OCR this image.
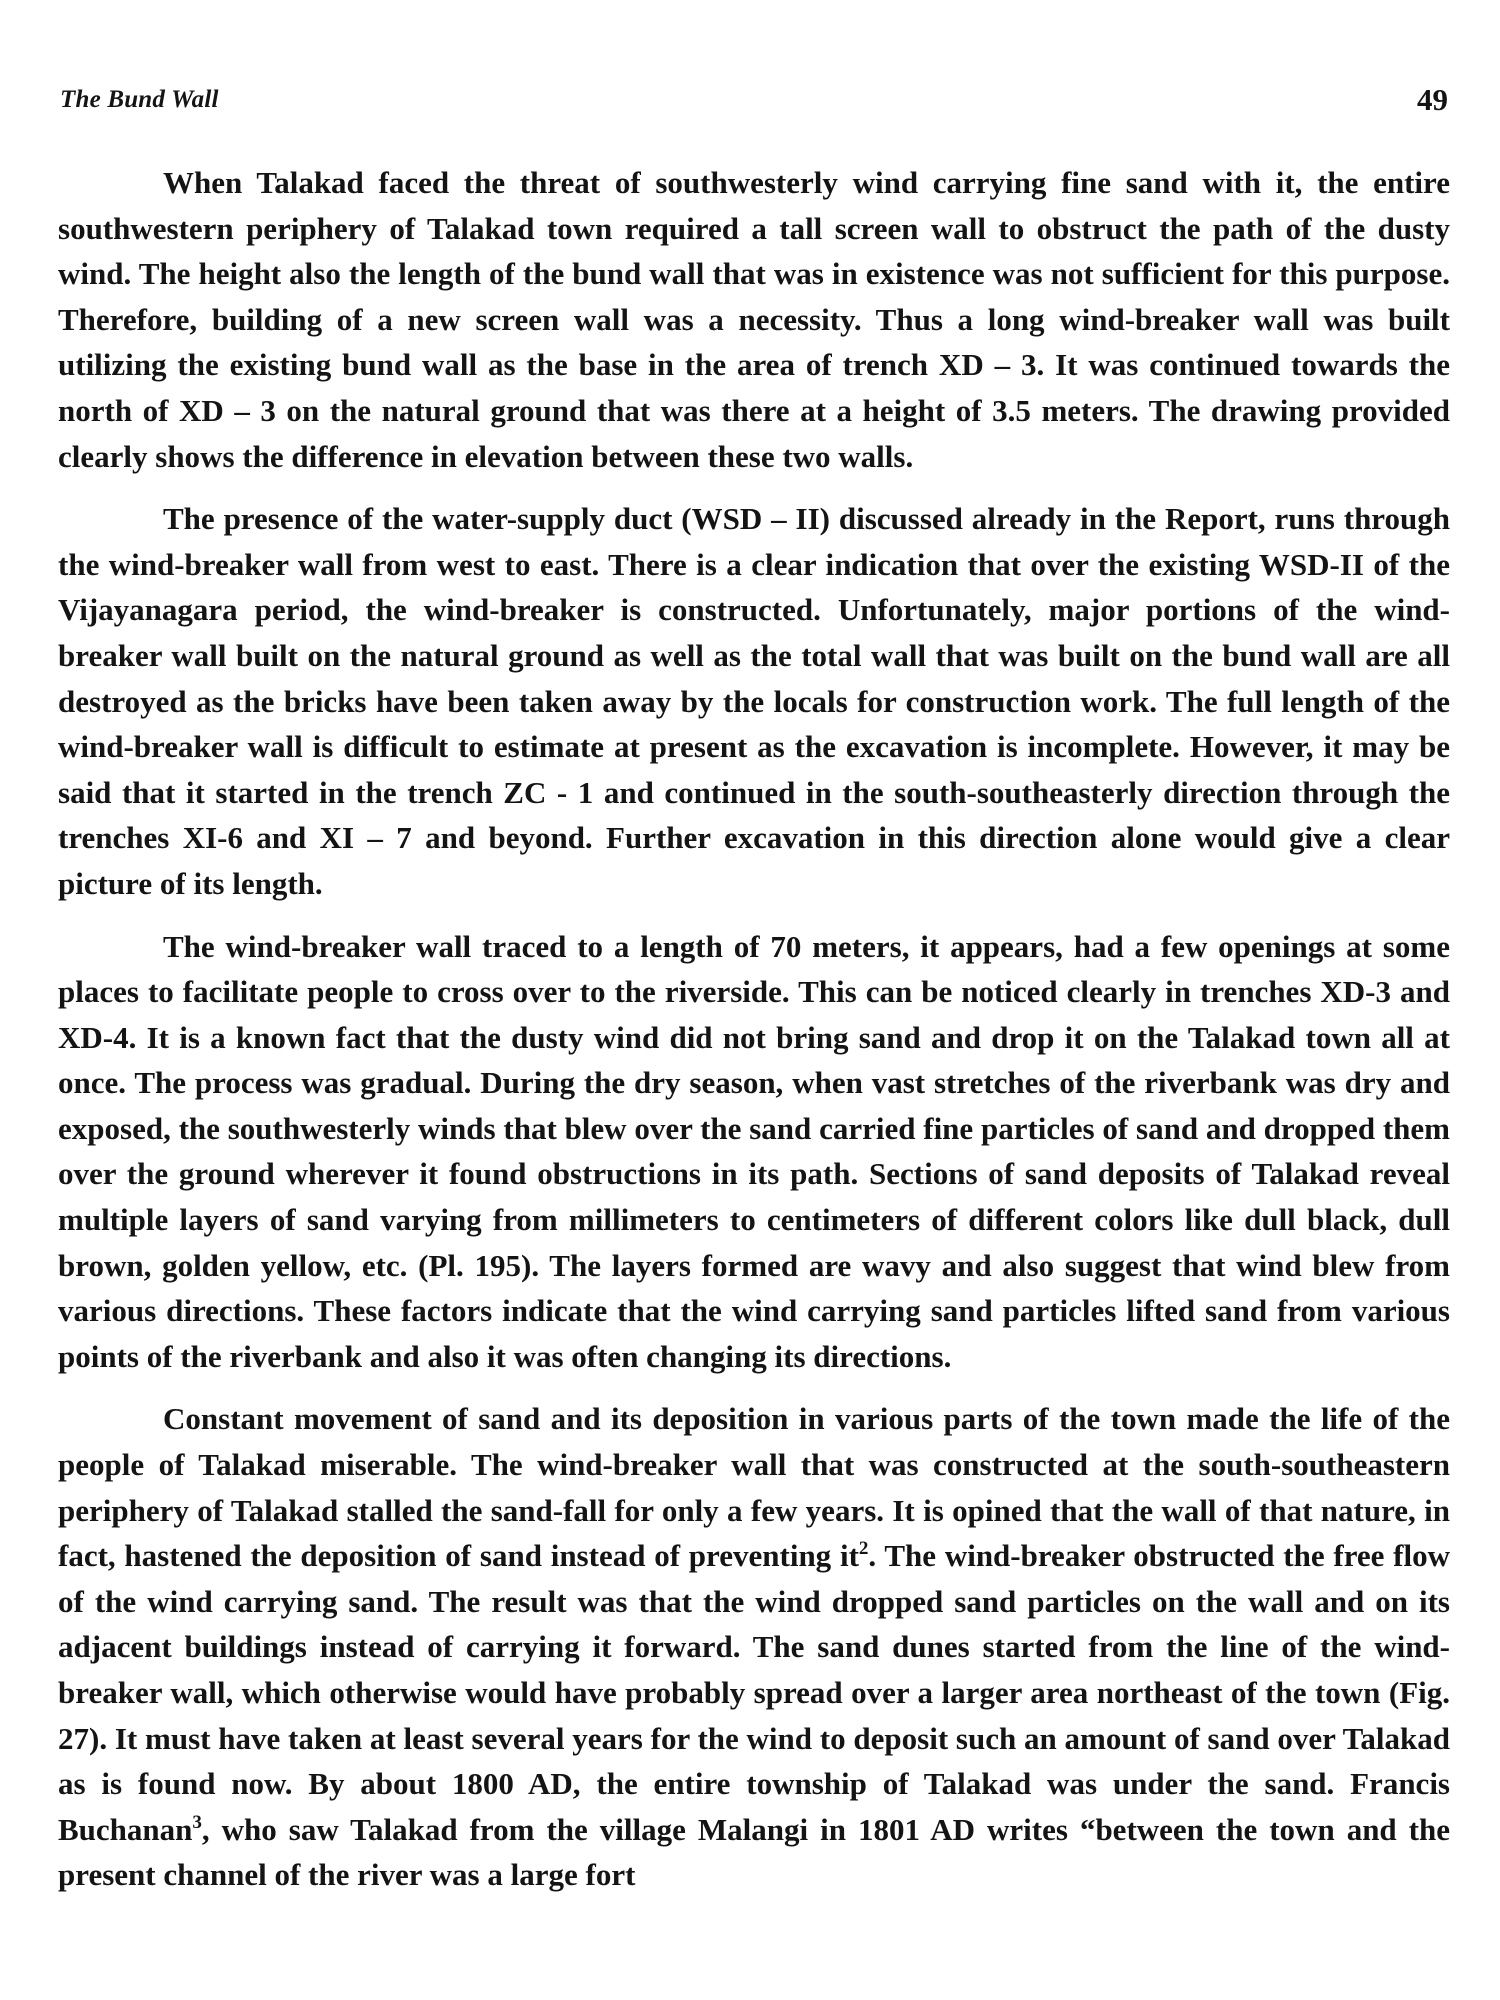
The Bund Wall	49

When Talakad faced the threat of southwesterly wind carrying fine sand with it, the entire southwestern periphery of Talakad town required a tall screen wall to obstruct the path of the dusty wind. The height also the length of the bund wall that was in existence was not sufficient for this purpose. Therefore, building of a new screen wall was a necessity. Thus a long wind-breaker wall was built utilizing the existing bund wall as the base in the area of trench XD – 3. It was continued towards the north of XD – 3 on the natural ground that was there at a height of 3.5 meters. The drawing provided clearly shows the difference in elevation between these two walls.

The presence of the water-supply duct (WSD – II) discussed already in the Report, runs through the wind-breaker wall from west to east. There is a clear indication that over the existing WSD-II of the Vijayanagara period, the wind-breaker is constructed. Unfortunately, major portions of the wind-breaker wall built on the natural ground as well as the total wall that was built on the bund wall are all destroyed as the bricks have been taken away by the locals for construction work. The full length of the wind-breaker wall is difficult to estimate at present as the excavation is incomplete. However, it may be said that it started in the trench ZC - 1 and continued in the south-southeasterly direction through the trenches XI-6 and XI – 7 and beyond. Further excavation in this direction alone would give a clear picture of its length.

The wind-breaker wall traced to a length of 70 meters, it appears, had a few openings at some places to facilitate people to cross over to the riverside. This can be noticed clearly in trenches XD-3 and XD-4. It is a known fact that the dusty wind did not bring sand and drop it on the Talakad town all at once. The process was gradual. During the dry season, when vast stretches of the riverbank was dry and exposed, the southwesterly winds that blew over the sand carried fine particles of sand and dropped them over the ground wherever it found obstructions in its path. Sections of sand deposits of Talakad reveal multiple layers of sand varying from millimeters to centimeters of different colors like dull black, dull brown, golden yellow, etc. (Pl. 195). The layers formed are wavy and also suggest that wind blew from various directions. These factors indicate that the wind carrying sand particles lifted sand from various points of the riverbank and also it was often changing its directions.

Constant movement of sand and its deposition in various parts of the town made the life of the people of Talakad miserable. The wind-breaker wall that was constructed at the south-southeastern periphery of Talakad stalled the sand-fall for only a few years. It is opined that the wall of that nature, in fact, hastened the deposition of sand instead of preventing $it^2$. The wind-breaker obstructed the free flow of the wind carrying sand. The result was that the wind dropped sand particles on the wall and on its adjacent buildings instead of carrying it forward. The sand dunes started from the line of the wind-breaker wall, which otherwise would have probably spread over a larger area northeast of the town (Fig. 27). It must have taken at least several years for the wind to deposit such an amount of sand over Talakad as is found now. By about 1800 AD, the entire township of Talakad was under the sand. Francis Buchanan$^3$, who saw Talakad from the village Malangi in 1801 AD writes “between the town and the present channel of the river was a large fort
